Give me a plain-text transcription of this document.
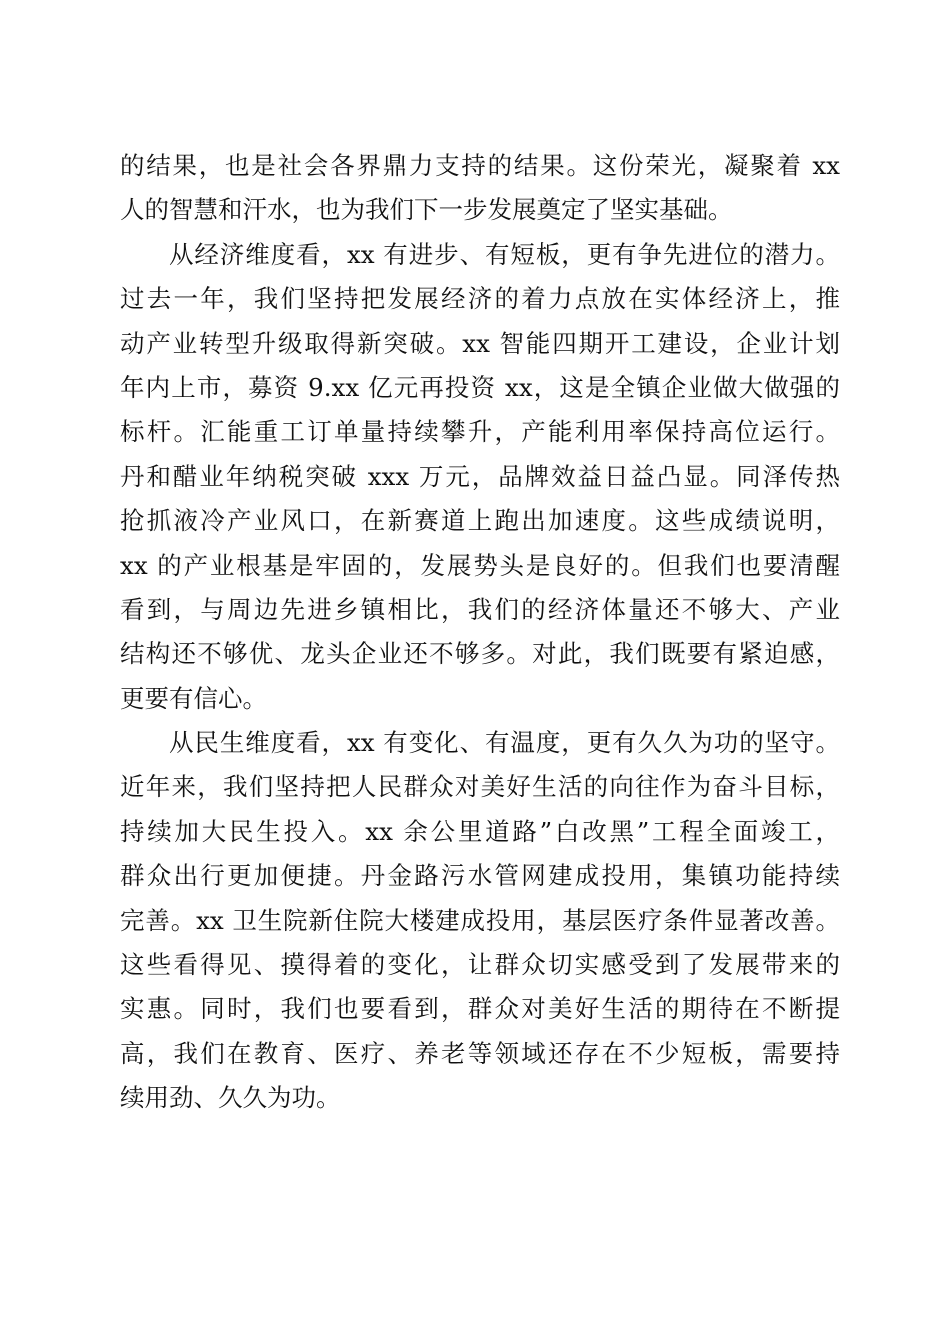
的结果，也是社会各界鼎力支持的结果。这份荣光，凝聚着 xx
人的智慧和汗水，也为我们下一步发展奠定了坚实基础。
从经济维度看，xx 有进步、有短板，更有争先进位的潜力。
过去一年，我们坚持把发展经济的着力点放在实体经济上，推
动产业转型升级取得新突破。xx 智能四期开工建设，企业计划
年内上市，募资 9.xx 亿元再投资 xx，这是全镇企业做大做强的
标杆。汇能重工订单量持续攀升，产能利用率保持高位运行。
丹和醋业年纳税突破 xxx 万元，品牌效益日益凸显。同泽传热
抢抓液冷产业风口，在新赛道上跑出加速度。这些成绩说明，
xx 的产业根基是牢固的，发展势头是良好的。但我们也要清醒
看到，与周边先进乡镇相比，我们的经济体量还不够大、产业
结构还不够优、龙头企业还不够多。对此，我们既要有紧迫感，
更要有信心。
从民生维度看，xx 有变化、有温度，更有久久为功的坚守。
近年来，我们坚持把人民群众对美好生活的向往作为奋斗目标，
持续加大民生投入。xx 余公里道路”白改黑”工程全面竣工，
群众出行更加便捷。丹金路污水管网建成投用，集镇功能持续
完善。xx 卫生院新住院大楼建成投用，基层医疗条件显著改善。
这些看得见、摸得着的变化，让群众切实感受到了发展带来的
实惠。同时，我们也要看到，群众对美好生活的期待在不断提
高，我们在教育、医疗、养老等领域还存在不少短板，需要持
续用劲、久久为功。
